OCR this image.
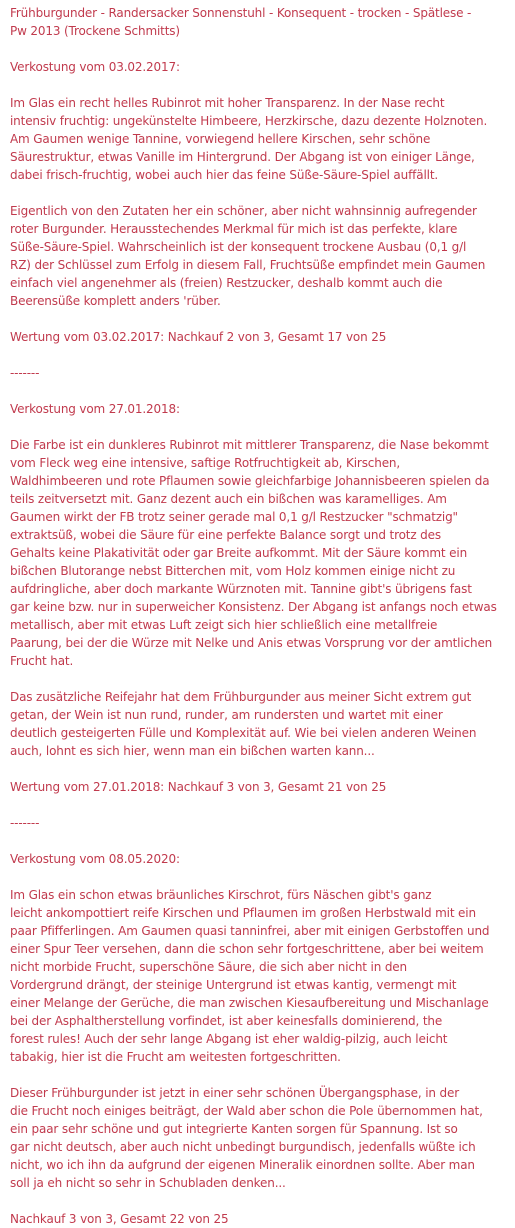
Frühburgunder - Randersacker Sonnenstuhl - Konsequent - trocken - Spätlese -
Pw 2013 (Trockene Schmitts)

Verkostung vom 03.02.2017:

Im Glas ein recht helles Rubinrot mit hoher Transparenz. In der Nase recht
intensiv fruchtig: ungekünstelte Himbeere, Herzkirsche, dazu dezente Holznoten.
Am Gaumen wenige Tannine, vorwiegend hellere Kirschen, sehr schöne
Säurestruktur, etwas Vanille im Hintergrund. Der Abgang ist von einiger Länge,
dabei frisch-fruchtig, wobei auch hier das feine Süße-Säure-Spiel auffällt.

Eigentlich von den Zutaten her ein schöner, aber nicht wahnsinnig aufregender
roter Burgunder. Herausstechendes Merkmal für mich ist das perfekte, klare
Süße-Säure-Spiel. Wahrscheinlich ist der konsequent trockene Ausbau (0,1 g/l
RZ) der Schlüssel zum Erfolg in diesem Fall, Fruchtsüße empfindet mein Gaumen
einfach viel angenehmer als (freien) Restzucker, deshalb kommt auch die
Beerensüße komplett anders 'rüber.

Wertung vom 03.02.2017: Nachkauf 2 von 3, Gesamt 17 von 25

-------

Verkostung vom 27.01.2018:

Die Farbe ist ein dunkleres Rubinrot mit mittlerer Transparenz, die Nase bekommt
vom Fleck weg eine intensive, saftige Rotfruchtigkeit ab, Kirschen,
Waldhimbeeren und rote Pflaumen sowie gleichfarbige Johannisbeeren spielen da
teils zeitversetzt mit. Ganz dezent auch ein bißchen was karamelliges. Am
Gaumen wirkt der FB trotz seiner gerade mal 0,1 g/l Restzucker "schmatzig"
extraktsüß, wobei die Säure für eine perfekte Balance sorgt und trotz des
Gehalts keine Plakativität oder gar Breite aufkommt. Mit der Säure kommt ein
bißchen Blutorange nebst Bitterchen mit, vom Holz kommen einige nicht zu
aufdringliche, aber doch markante Würznoten mit. Tannine gibt's übrigens fast
gar keine bzw. nur in superweicher Konsistenz. Der Abgang ist anfangs noch etwas
metallisch, aber mit etwas Luft zeigt sich hier schließlich eine metallfreie
Paarung, bei der die Würze mit Nelke und Anis etwas Vorsprung vor der amtlichen
Frucht hat.

Das zusätzliche Reifejahr hat dem Frühburgunder aus meiner Sicht extrem gut
getan, der Wein ist nun rund, runder, am rundersten und wartet mit einer
deutlich gesteigerten Fülle und Komplexität auf. Wie bei vielen anderen Weinen
auch, lohnt es sich hier, wenn man ein bißchen warten kann...

Wertung vom 27.01.2018: Nachkauf 3 von 3, Gesamt 21 von 25

-------

Verkostung vom 08.05.2020:

Im Glas ein schon etwas bräunliches Kirschrot, fürs Näschen gibt's ganz
leicht ankompottiert reife Kirschen und Pflaumen im großen Herbstwald mit ein
paar Pfifferlingen. Am Gaumen quasi tanninfrei, aber mit einigen Gerbstoffen und
einer Spur Teer versehen, dann die schon sehr fortgeschrittene, aber bei weitem
nicht morbide Frucht, superschöne Säure, die sich aber nicht in den
Vordergrund drängt, der steinige Untergrund ist etwas kantig, vermengt mit
einer Melange der Gerüche, die man zwischen Kiesaufbereitung und Mischanlage
bei der Asphaltherstellung vorfindet, ist aber keinesfalls dominierend, the
forest rules! Auch der sehr lange Abgang ist eher waldig-pilzig, auch leicht
tabakig, hier ist die Frucht am weitesten fortgeschritten.

Dieser Frühburgunder ist jetzt in einer sehr schönen Übergangsphase, in der
die Frucht noch einiges beiträgt, der Wald aber schon die Pole übernommen hat,
ein paar sehr schöne und gut integrierte Kanten sorgen für Spannung. Ist so
gar nicht deutsch, aber auch nicht unbedingt burgundisch, jedenfalls wüßte ich
nicht, wo ich ihn da aufgrund der eigenen Mineralik einordnen sollte. Aber man
soll ja eh nicht so sehr in Schubladen denken...

Nachkauf 3 von 3, Gesamt 22 von 25
